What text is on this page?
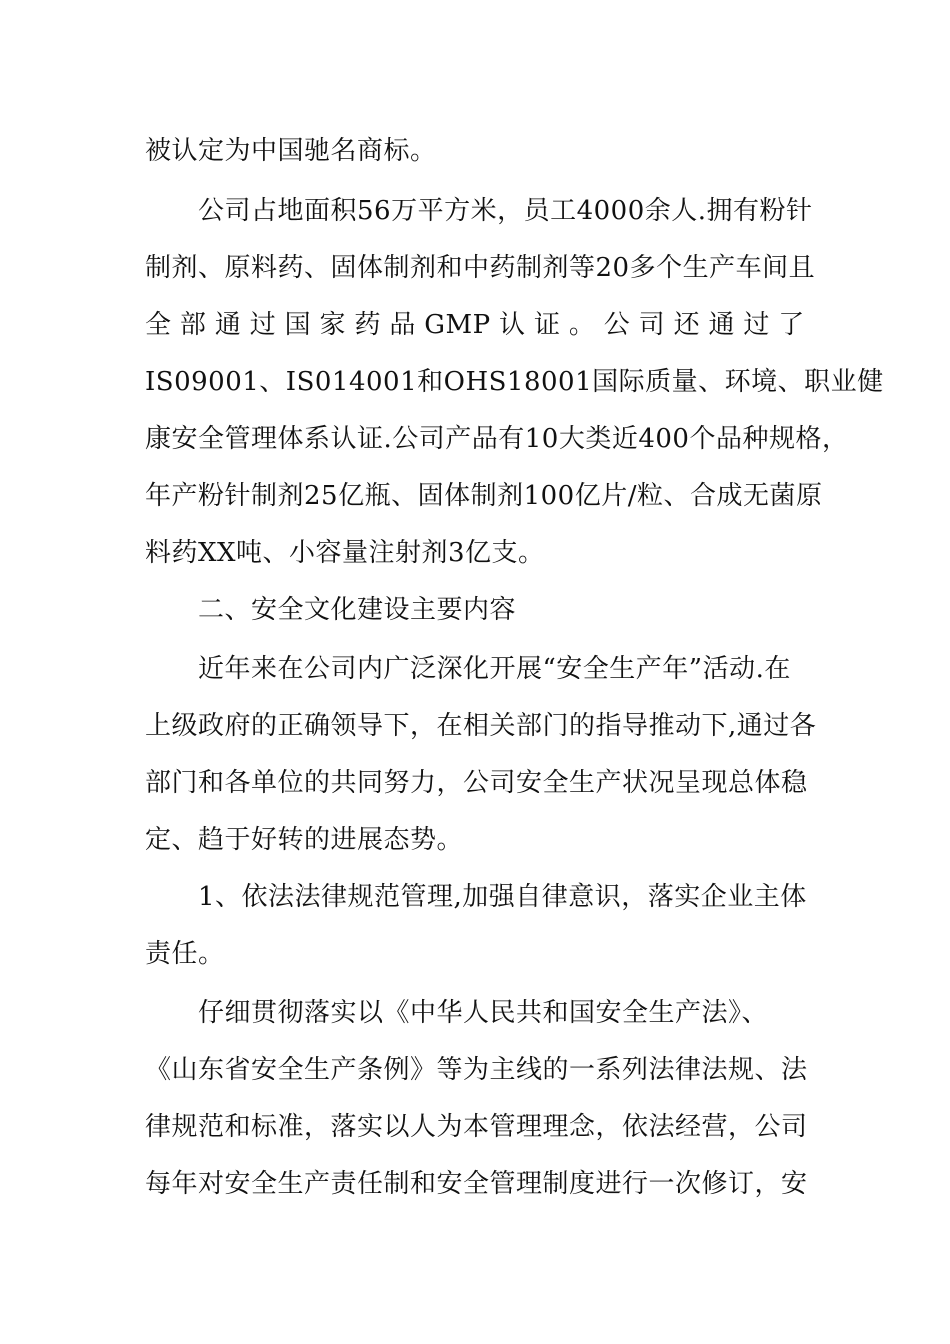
被认定为中国驰名商标。
公司占地面积56万平方米，员工4000余人.拥有粉针
制剂、原料药、固体制剂和中药制剂等20多个生产车间且
全 部 通 过 国 家 药 品 GMP 认 证 。 公 司 还 通 过 了
IS09001、IS014001和OHS18001国际质量、环境、职业健
康安全管理体系认证.公司产品有10大类近400个品种规格，
年产粉针制剂25亿瓶、固体制剂100亿片/粒、合成无菌原
料药XX吨、小容量注射剂3亿支。
二、安全文化建设主要内容
近年来在公司内广泛深化开展“安全生产年”活动.在
上级政府的正确领导下，在相关部门的指导推动下,通过各
部门和各单位的共同努力，公司安全生产状况呈现总体稳
定、趋于好转的进展态势。
1、依法法律规范管理,加强自律意识，落实企业主体
责任。
仔细贯彻落实以《中华人民共和国安全生产法》、
《山东省安全生产条例》等为主线的一系列法律法规、法
律规范和标准，落实以人为本管理理念，依法经营，公司
每年对安全生产责任制和安全管理制度进行一次修订，安
